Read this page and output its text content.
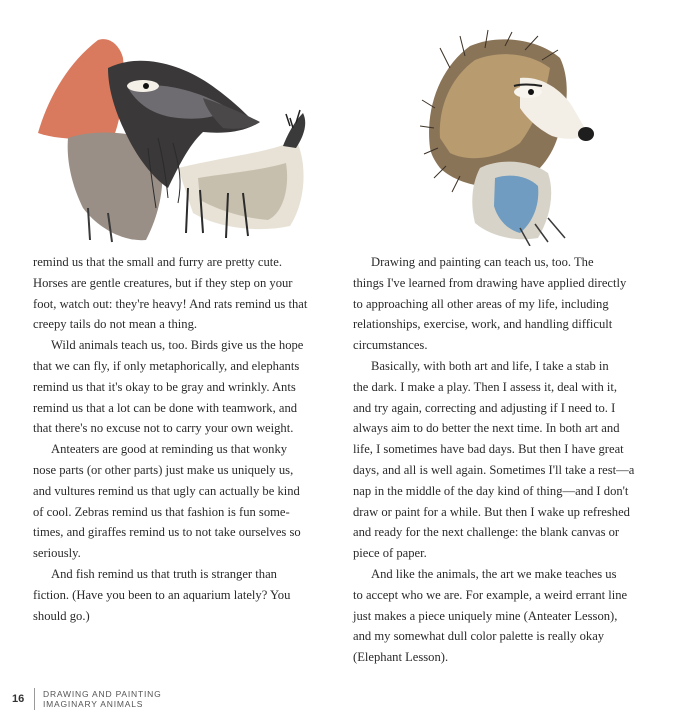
remind us that the small and furry are pretty cute.
Horses are gentle creatures, but if they step on your
foot, watch out: they're heavy! And rats remind us that
creepy tails do not mean a thing.

Wild animals teach us, too. Birds give us the hope
that we can fly, if only metaphorically, and elephants
remind us that it's okay to be gray and wrinkly. Ants
remind us that a lot can be done with teamwork, and
that there's no excuse not to carry your own weight.

Anteaters are good at reminding us that wonky
nose parts (or other parts) just make us uniquely us,
and vultures remind us that ugly can actually be kind
of cool. Zebras remind us that fashion is fun some-
times, and giraffes remind us to not take ourselves so
seriously.

And fish remind us that truth is stranger than
fiction. (Have you been to an aquarium lately? You
should go.)

Drawing and painting can teach us, too. The
things I've learned from drawing have applied directly
to approaching all other areas of my life, including
relationships, exercise, work, and handling difficult
circumstances.

Basically, with both art and life, I take a stab in
the dark. I make a play. Then I assess it, deal with it,
and try again, correcting and adjusting if I need to. I
always aim to do better the next time. In both art and
life, I sometimes have bad days. But then I have great
days, and all is well again. Sometimes I'll take a rest—a
nap in the middle of the day kind of thing—and I don't
draw or paint for a while. But then I wake up refreshed
and ready for the next challenge: the blank canvas or
piece of paper.

And like the animals, the art we make teaches us
to accept who we are. For example, a weird errant line
just makes a piece uniquely mine (Anteater Lesson),
and my somewhat dull color palette is really okay
(Elephant Lesson).

16	DRAWING AND PAINTING
IMAGINARY ANIMALS
